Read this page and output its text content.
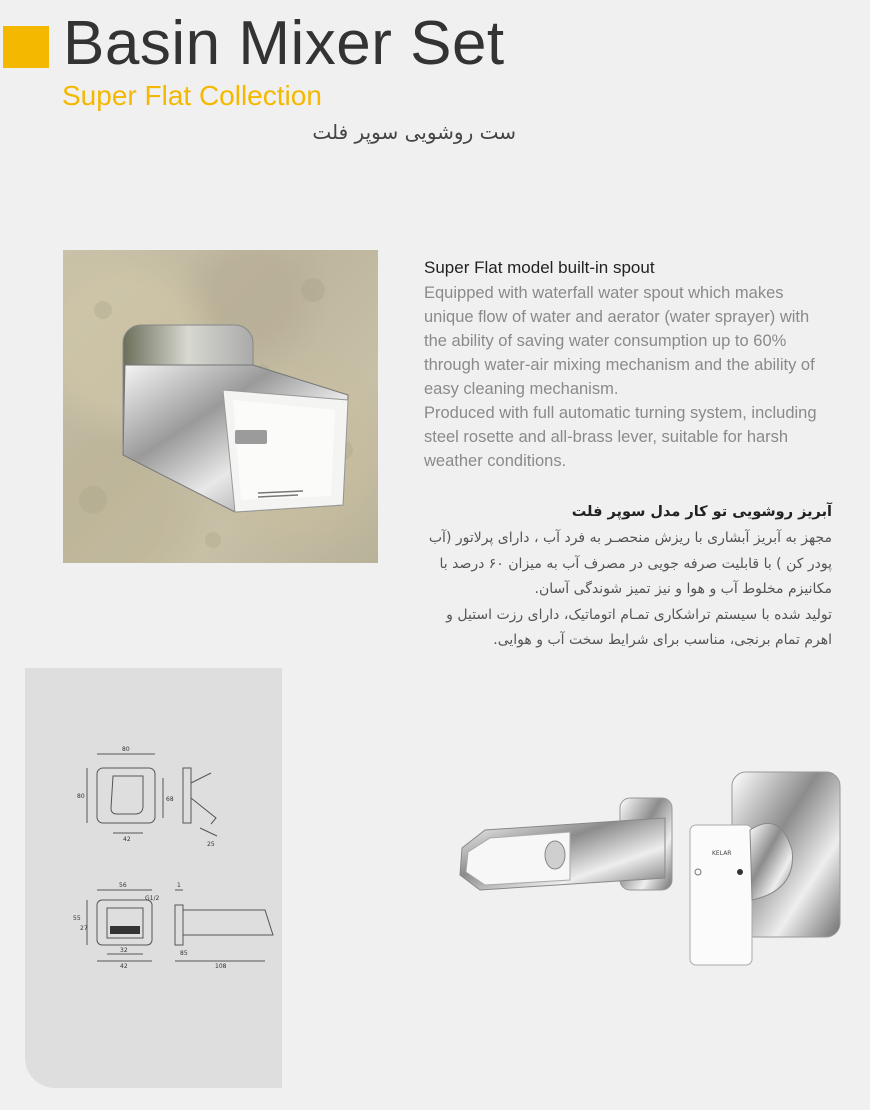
Basin Mixer Set
Super Flat Collection
ست روشویی سوپر فلت
Super Flat model built-in spout

Equipped with waterfall water spout which makes unique flow of water and aerator (water sprayer) with the ability of saving water consumption up to 60% through water-air mixing mechanism and the ability of easy cleaning mechanism.

Produced with full automatic turning system, including steel rosette and all-brass lever, suitable for harsh weather conditions.

آبریز روشویی تو کار مدل سوپر فلت

مجهز به آبریز آبشاری با ریزش منحصـر به فرد آب ، دارای پرلاتور (آب پودر کن ) با قابلیت صرفه جویی در مصرف آب به میزان ۶۰ درصد با مکانیزم مخلوط آب و هوا و نیز تمیز شوندگی آسان.

تولید شده با سیستم تراشکاری تمـام اتوماتیک، دارای رزت استیل و اهرم تمام برنجی، مناسب برای شرایط سخت آب و هوایی.

80
80	68
42
25
56
G1/2
1
55
27
32
42	108
85
KELAR
